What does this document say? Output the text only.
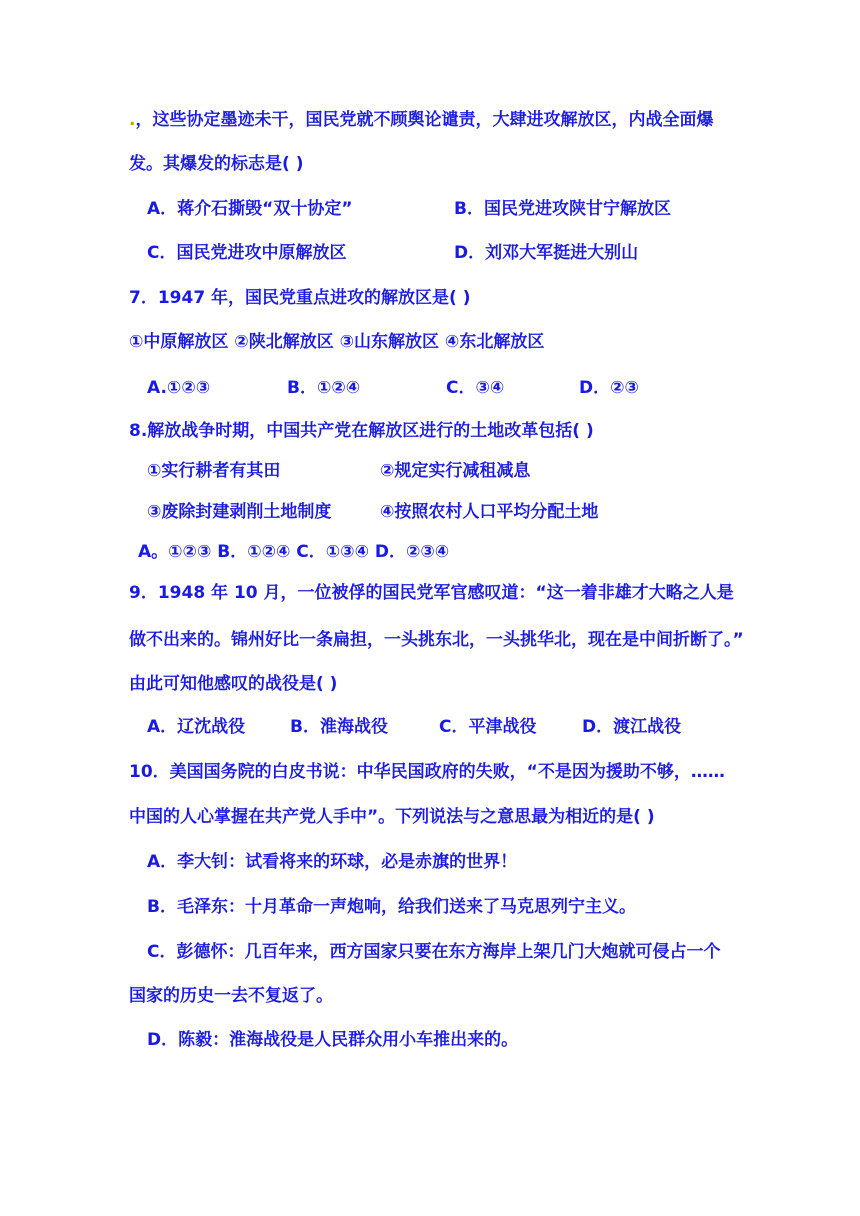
.，这些协定墨迹未干，国民党就不顾舆论谴责，大肆进攻解放区，内战全面爆
发。其爆发的标志是( )
A．蒋介石撕毁“双十协定”	B．国民党进攻陕甘宁解放区
C．国民党进攻中原解放区	D．刘邓大军挺进大别山
7．1947 年，国民党重点进攻的解放区是( )
①中原解放区 ②陕北解放区 ③山东解放区 ④东北解放区
A.①②③	B．①②④	C．③④	D．②③
8.解放战争时期，中国共产党在解放区进行的土地改革包括( )
①实行耕者有其田	②规定实行减租减息
③废除封建剥削土地制度	④按照农村人口平均分配土地
A。①②③ B．①②④ C．①③④ D．②③④
9．1948 年 10 月，一位被俘的国民党军官感叹道：“这一着非雄才大略之人是
做不出来的。锦州好比一条扁担，一头挑东北，一头挑华北，现在是中间折断了。”
由此可知他感叹的战役是( )
A．辽沈战役	B．淮海战役	C．平津战役	D．渡江战役
10．美国国务院的白皮书说：中华民国政府的失败，“不是因为援助不够，……
中国的人心掌握在共产党人手中”。下列说法与之意思最为相近的是( )
A．李大钊：试看将来的环球，必是赤旗的世界！
B．毛泽东：十月革命一声炮响，给我们送来了马克思列宁主义。
C．彭德怀：几百年来，西方国家只要在东方海岸上架几门大炮就可侵占一个
国家的历史一去不复返了。
D．陈毅：淮海战役是人民群众用小车推出来的。
